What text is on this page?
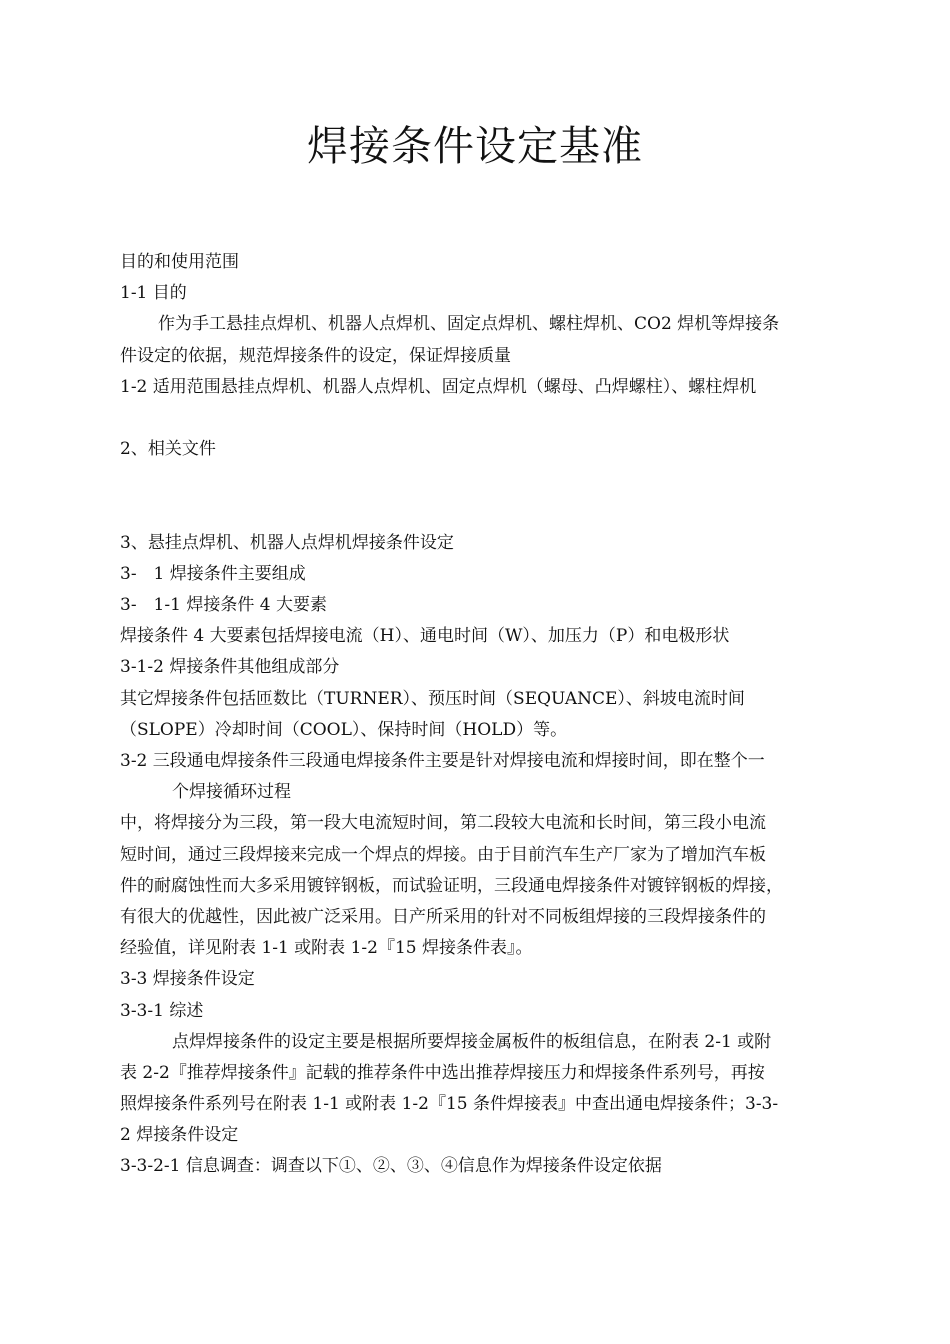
焊接条件设定基准
目的和使用范围
1-1 目的
作为手工悬挂点焊机、机器人点焊机、固定点焊机、螺柱焊机、CO2 焊机等焊接条
件设定的依据，规范焊接条件的设定，保证焊接质量
1-2 适用范围悬挂点焊机、机器人点焊机、固定点焊机（螺母、凸焊螺柱）、螺柱焊机
2、相关文件
3、悬挂点焊机、机器人点焊机焊接条件设定
3-　1 焊接条件主要组成
3-　1-1 焊接条件 4 大要素
焊接条件 4 大要素包括焊接电流（H）、通电时间（W）、加压力（P）和电极形状
3-1-2 焊接条件其他组成部分
其它焊接条件包括匝数比（TURNER）、预压时间（SEQUANCE）、斜坡电流时间
（SLOPE）冷却时间（COOL）、保持时间（HOLD）等。
3-2 三段通电焊接条件三段通电焊接条件主要是针对焊接电流和焊接时间，即在整个一
个焊接循环过程
中，将焊接分为三段，第一段大电流短时间，第二段较大电流和长时间，第三段小电流
短时间，通过三段焊接来完成一个焊点的焊接。由于目前汽车生产厂家为了增加汽车板
件的耐腐蚀性而大多采用镀锌钢板，而试验证明，三段通电焊接条件对镀锌钢板的焊接，
有很大的优越性，因此被广泛采用。日产所采用的针对不同板组焊接的三段焊接条件的
经验值，详见附表 1-1 或附表 1-2『15 焊接条件表』。
3-3 焊接条件设定
3-3-1 综述
点焊焊接条件的设定主要是根据所要焊接金属板件的板组信息，在附表 2-1 或附
表 2-2『推荐焊接条件』記载的推荐条件中选出推荐焊接压力和焊接条件系列号，再按
照焊接条件系列号在附表 1-1 或附表 1-2『15 条件焊接表』中查出通电焊接条件；3-3-
2 焊接条件设定
3-3-2-1 信息调查：调查以下①、②、③、④信息作为焊接条件设定依据
